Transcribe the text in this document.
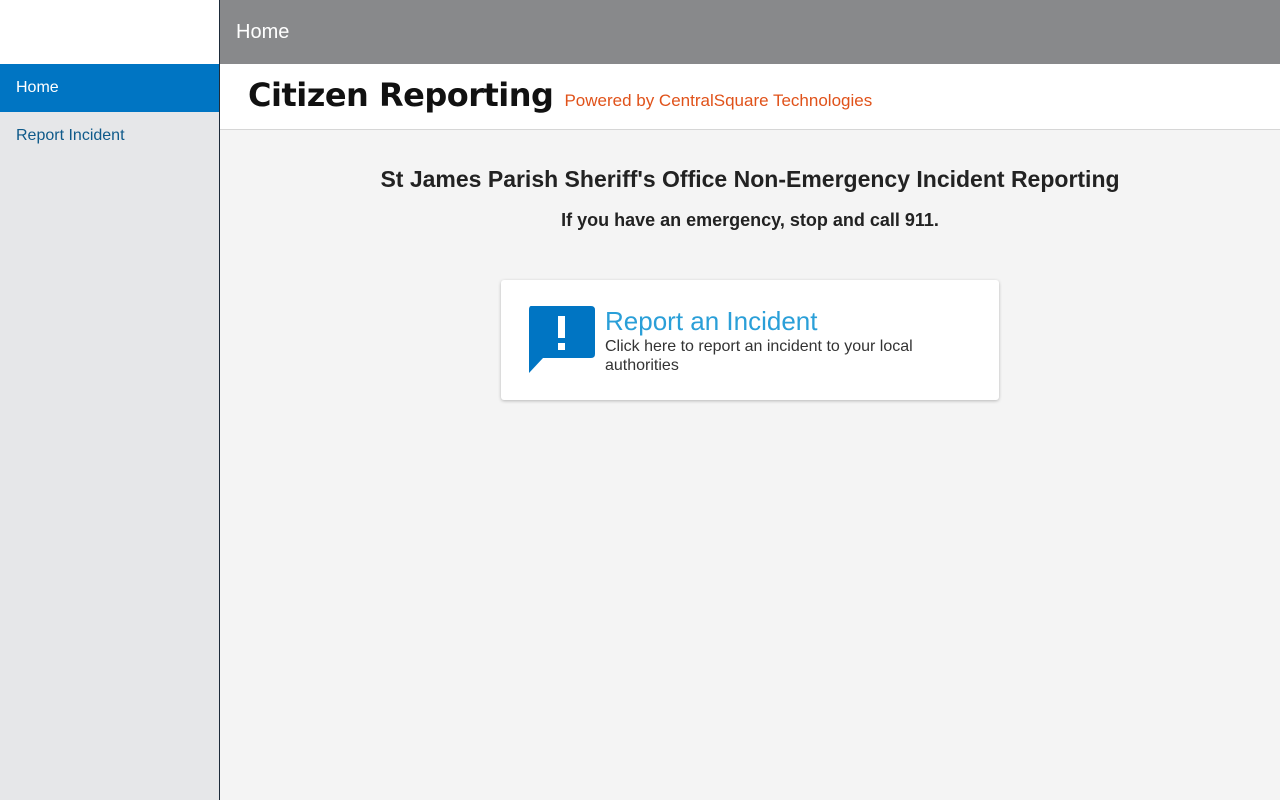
Home
Report Incident
Home
Citizen Reporting Powered by CentralSquare Technologies
St James Parish Sheriff's Office Non-Emergency Incident Reporting
If you have an emergency, stop and call 911.
Report an Incident
Click here to report an incident to your local authorities
